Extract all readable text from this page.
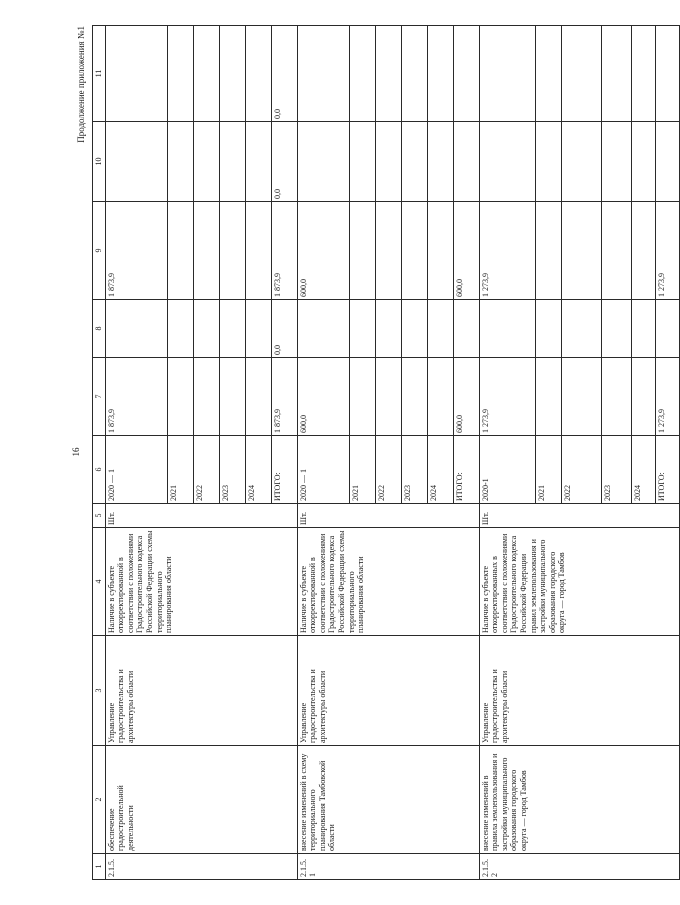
16
Продолжение приложения №1
1	2	3	4	5	6	7	8	9	10	11
2.1.5.	обеспечение градостроительной деятельности	Управление градостроительства и архитектуры области	Наличие в субъекте откорректированной в соответствии с положениями Градостроительного кодекса Российской Федерации схемы территориального планирования области	Шт.	2020 — 1	1 873,9		1 873,9		
					2021					
					2022					
					2023					
					2024					
					ИТОГО:	1 873,9	0,0	1 873,9	0,0	0,0
2.1.5.1	внесение изменений в схему территориального планирования Тамбовской области	Управление градостроительства и архитектуры области	Наличие в субъекте откорректированной в соответствии с положениями Градостроительного кодекса Российской Федерации схемы территориального планирования области	Шт.	2020 — 1	600,0		600,0		
					2021					
					2022					
					2023					
					2024					
					ИТОГО:	600,0		600,0		
2.1.5.2	внесение изменений в правила землепользования и застройки муниципального образования городского округа — город Тамбов	Управление градостроительства и архитектуры области	Наличие в субъекте откорректированных в соответствии с положениями Градостроительного кодекса Российской Федерации правил землепользования и застройки муниципального образования городского округа — город Тамбов	Шт.	2020-1	1 273,9		1 273,9		
					2021					
					2022					
					2023					
					2024					
					ИТОГО:	1 273,9		1 273,9		
